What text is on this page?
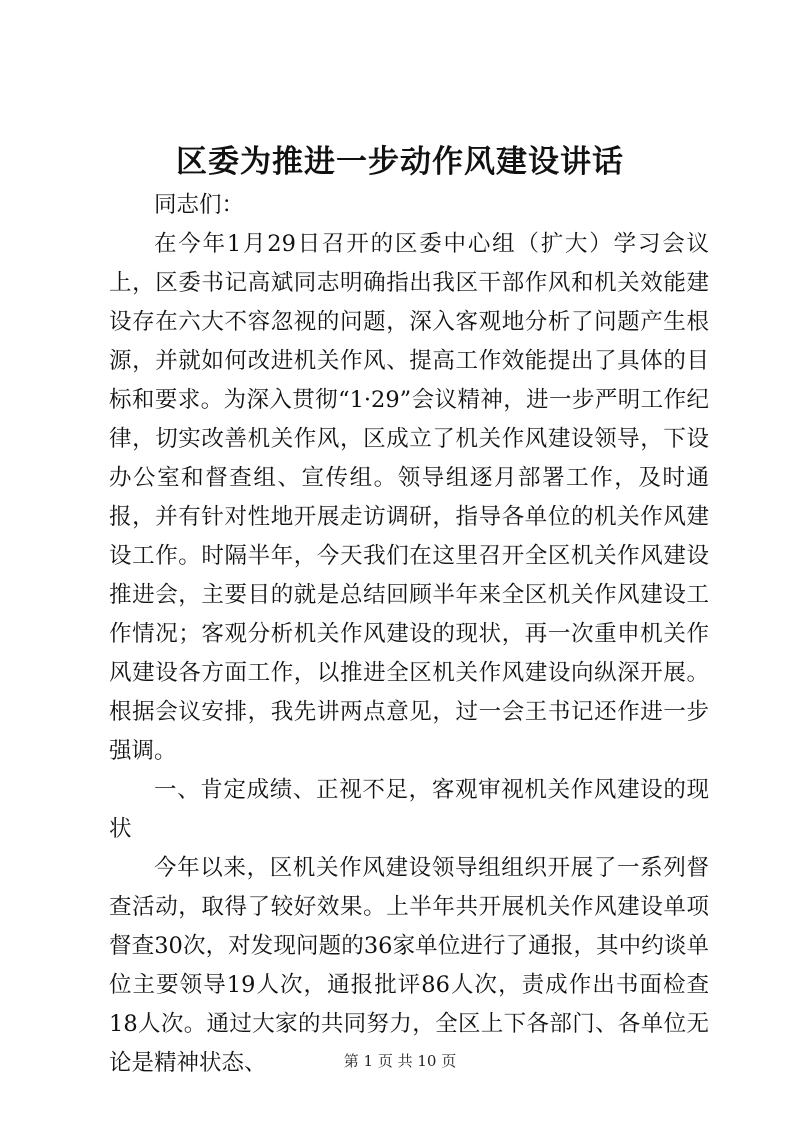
区委为推进一步动作风建设讲话

同志们：

在今年1月29日召开的区委中心组（扩大）学习会议上，区委书记高斌同志明确指出我区干部作风和机关效能建设存在六大不容忽视的问题，深入客观地分析了问题产生根源，并就如何改进机关作风、提高工作效能提出了具体的目标和要求。为深入贯彻“1·29”会议精神，进一步严明工作纪律，切实改善机关作风，区成立了机关作风建设领导，下设办公室和督查组、宣传组。领导组逐月部署工作，及时通报，并有针对性地开展走访调研，指导各单位的机关作风建设工作。时隔半年，今天我们在这里召开全区机关作风建设推进会，主要目的就是总结回顾半年来全区机关作风建设工作情况；客观分析机关作风建设的现状，再一次重申机关作风建设各方面工作，以推进全区机关作风建设向纵深开展。根据会议安排，我先讲两点意见，过一会王书记还作进一步强调。

一、肯定成绩、正视不足，客观审视机关作风建设的现状

今年以来，区机关作风建设领导组组织开展了一系列督查活动，取得了较好效果。上半年共开展机关作风建设单项督查30次，对发现问题的36家单位进行了通报，其中约谈单位主要领导19人次，通报批评86人次，责成作出书面检查18人次。通过大家的共同努力，全区上下各部门、各单位无论是精神状态、	第 1 页 共 10 页
